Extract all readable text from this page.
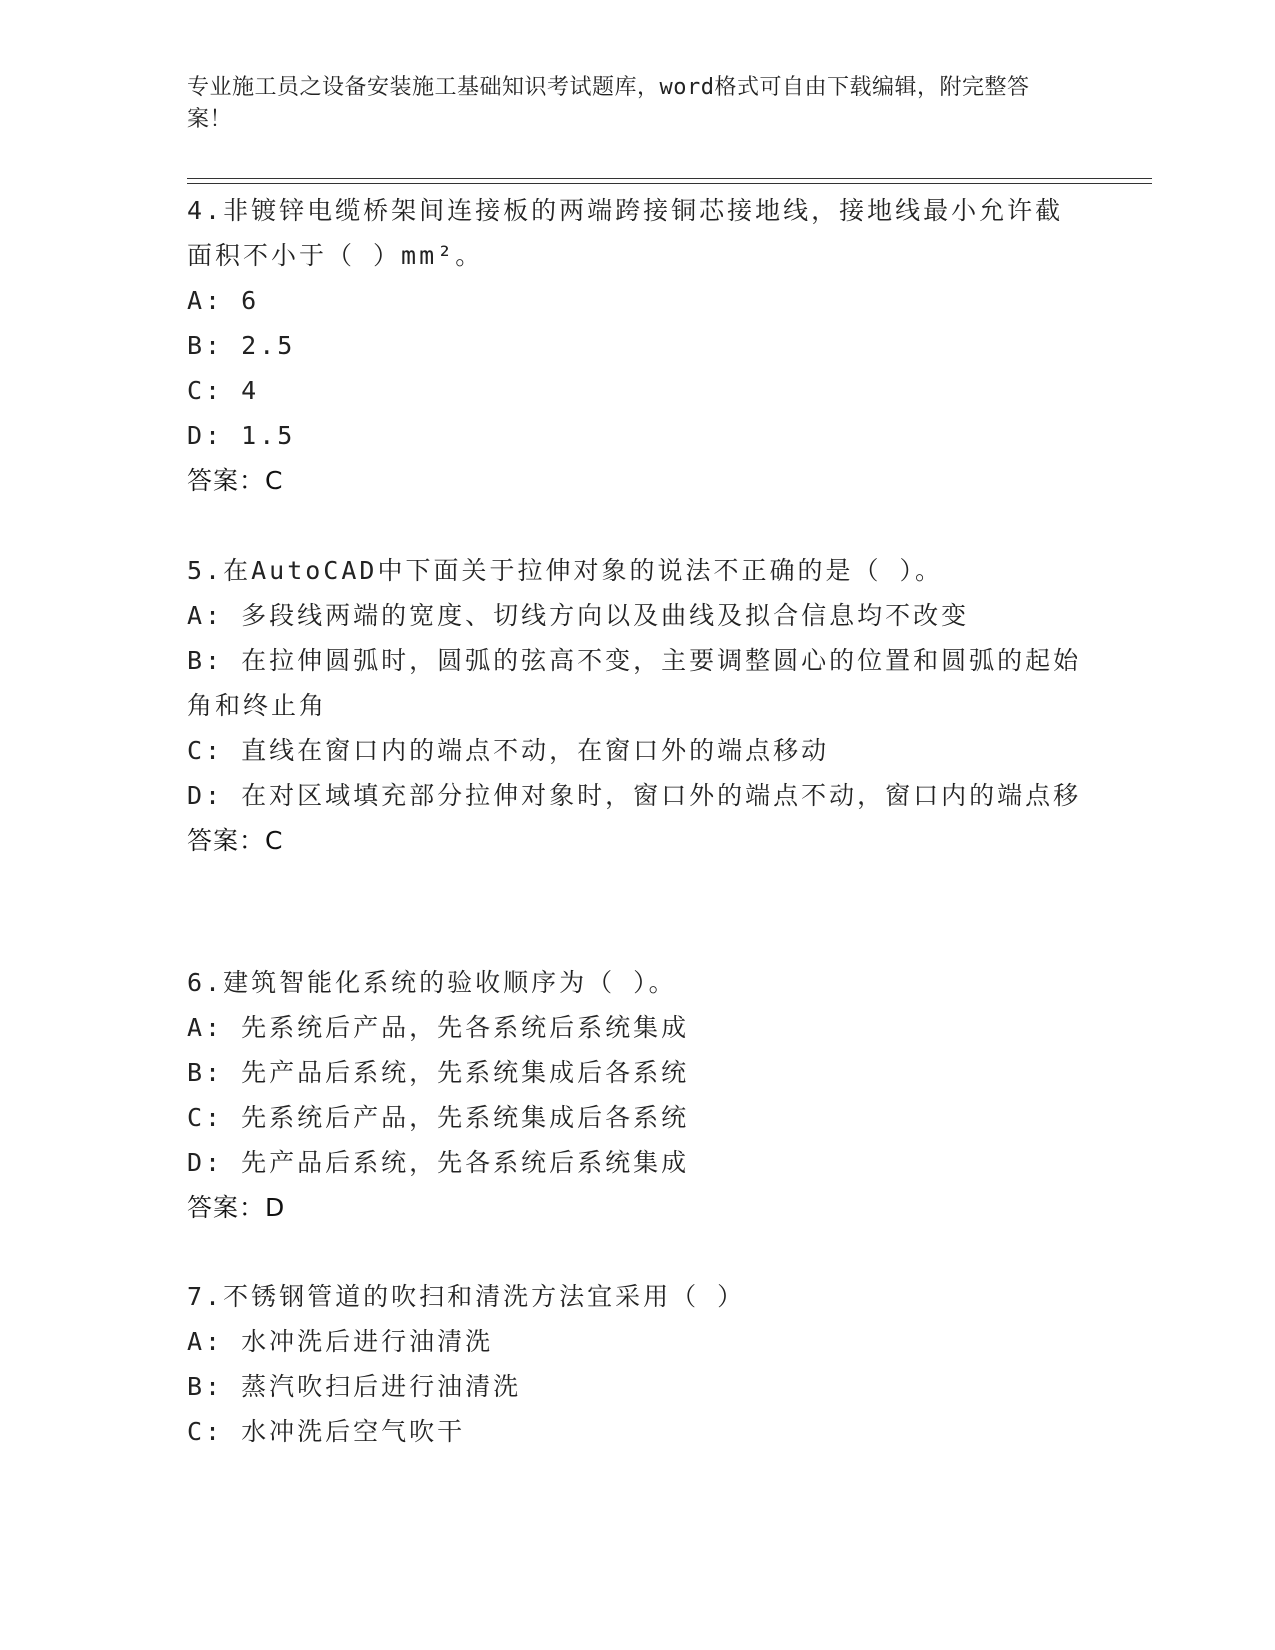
专业施工员之设备安装施工基础知识考试题库，word格式可自由下载编辑，附完整答案！

4.非镀锌电缆桥架间连接板的两端跨接铜芯接地线，接地线最小允许截面积不小于（ ）mm²。

A: 6

B: 2.5

C: 4

D: 1.5

答案：C

5.在AutoCAD中下面关于拉伸对象的说法不正确的是（ ）。

A: 多段线两端的宽度、切线方向以及曲线及拟合信息均不改变

B: 在拉伸圆弧时，圆弧的弦高不变，主要调整圆心的位置和圆弧的起始角和终止角

C: 直线在窗口内的端点不动，在窗口外的端点移动

D: 在对区域填充部分拉伸对象时，窗口外的端点不动，窗口内的端点移

答案：C

6.建筑智能化系统的验收顺序为（ ）。

A: 先系统后产品，先各系统后系统集成

B: 先产品后系统，先系统集成后各系统

C: 先系统后产品，先系统集成后各系统

D: 先产品后系统，先各系统后系统集成

答案：D

7.不锈钢管道的吹扫和清洗方法宜采用（ ）

A: 水冲洗后进行油清洗

B: 蒸汽吹扫后进行油清洗

C: 水冲洗后空气吹干
